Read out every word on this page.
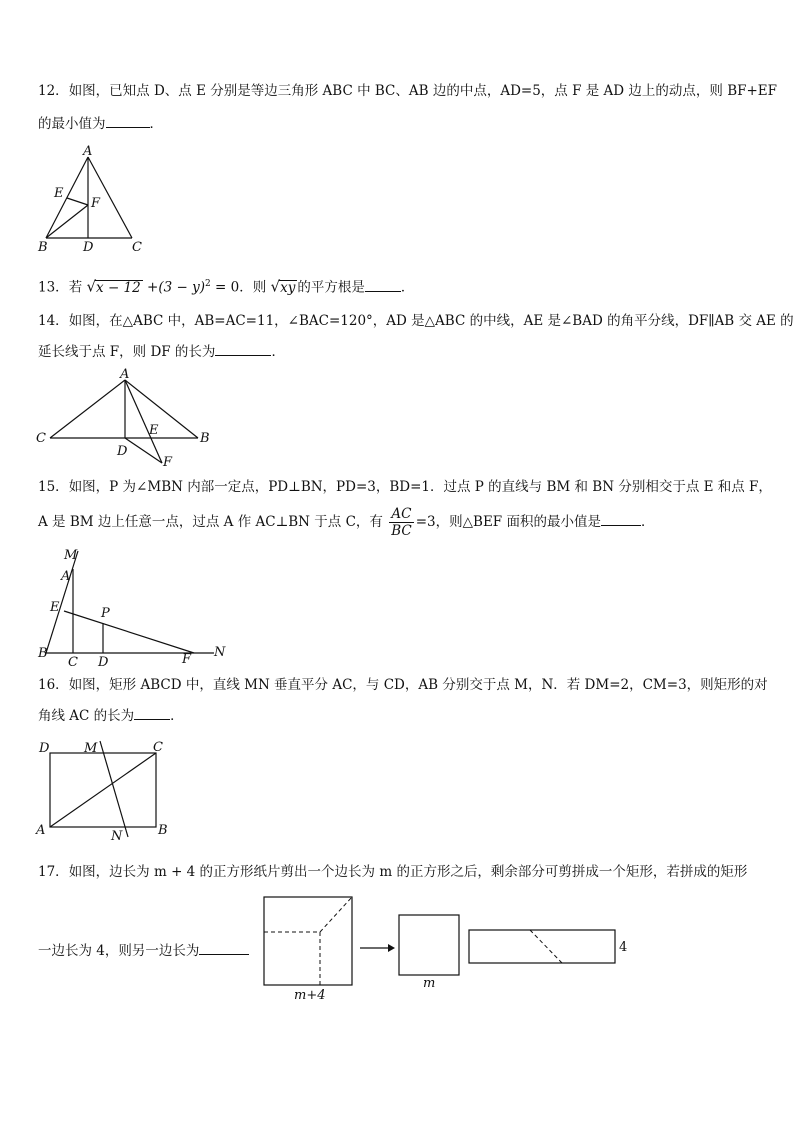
12．如图，已知点 D、点 E 分别是等边三角形 ABC 中 BC、AB 边的中点，AD=5，点 F 是 AD 边上的动点，则 BF+EF
的最小值为	．
A
E
F
B	D	C
13．若 $√x - 12 +(3 - y)^2 = 0$．则 √xy 的平方根是	．
14．如图，在△ABC 中，AB=AC=11，∠BAC=120°，AD 是△ABC 的中线，AE 是∠BAD 的角平分线，DF∥AB 交 AE 的
延长线于点 F，则 DF 的长为	．
A
C
E
B
D
F
15．如图，P 为∠MBN 内部一定点，PD⊥BN，PD=3，BD=1．过点 P 的直线与 BM 和 BN 分别相交于点 E 和点 F，
A 是 BM 边上任意一点，过点 A 作 AC⊥BN 于点 C，有 $\frac{AC}{BC} =3$，则△BEF 面积的最小值是	．
M
A
E	P
B	N
C D	F
16．如图，矩形 ABCD 中，直线 MN 垂直平分 AC，与 CD，AB 分别交于点 M，N．若 DM=2，CM=3，则矩形的对
角线 AC 的长为	．
D	M	C
A	N	B
17．如图，边长为 m + 4 的正方形纸片剪出一个边长为 m 的正方形之后，剩余部分可剪拼成一个矩形，若拼成的矩形
一边长为 4，则另一边长为
m+4
m
4
